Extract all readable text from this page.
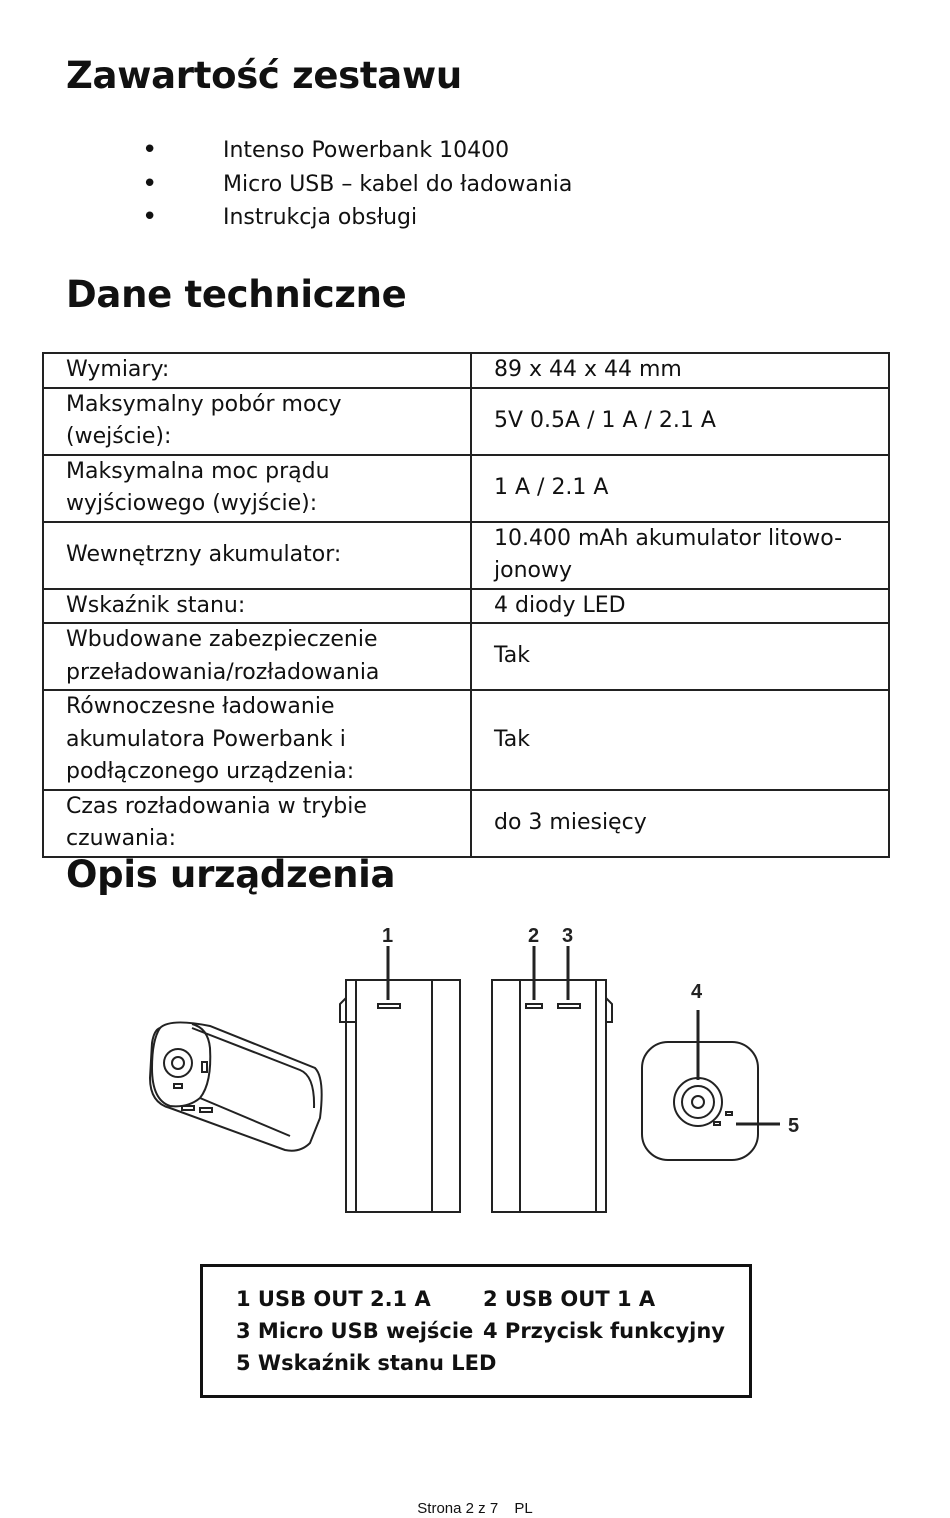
Zawartość zestawu
• Intenso Powerbank 10400
• Micro USB – kabel do ładowania
• Instrukcja obsługi
Dane techniczne
Wymiary:	89 x 44 x 44 mm
Maksymalny pobór mocy (wejście):	5V 0.5A / 1 A / 2.1 A
Maksymalna moc prądu wyjściowego (wyjście):	1 A / 2.1 A
Wewnętrzny akumulator:	10.400 mAh akumulator litowo-jonowy
Wskaźnik stanu:	4 diody LED
Wbudowane zabezpieczenie przeładowania/rozładowania	Tak
Równoczesne ładowanie akumulatora Powerbank i podłączonego urządzenia:	Tak
Czas rozładowania w trybie czuwania:	do 3 miesięcy
Opis urządzenia
1	2 3
4
5
1 USB OUT 2.1 A 2 USB OUT 1 A
3 Micro USB wejście 4 Przycisk funkcyjny
5 Wskaźnik stanu LED
Strona 2 z 7 PL
